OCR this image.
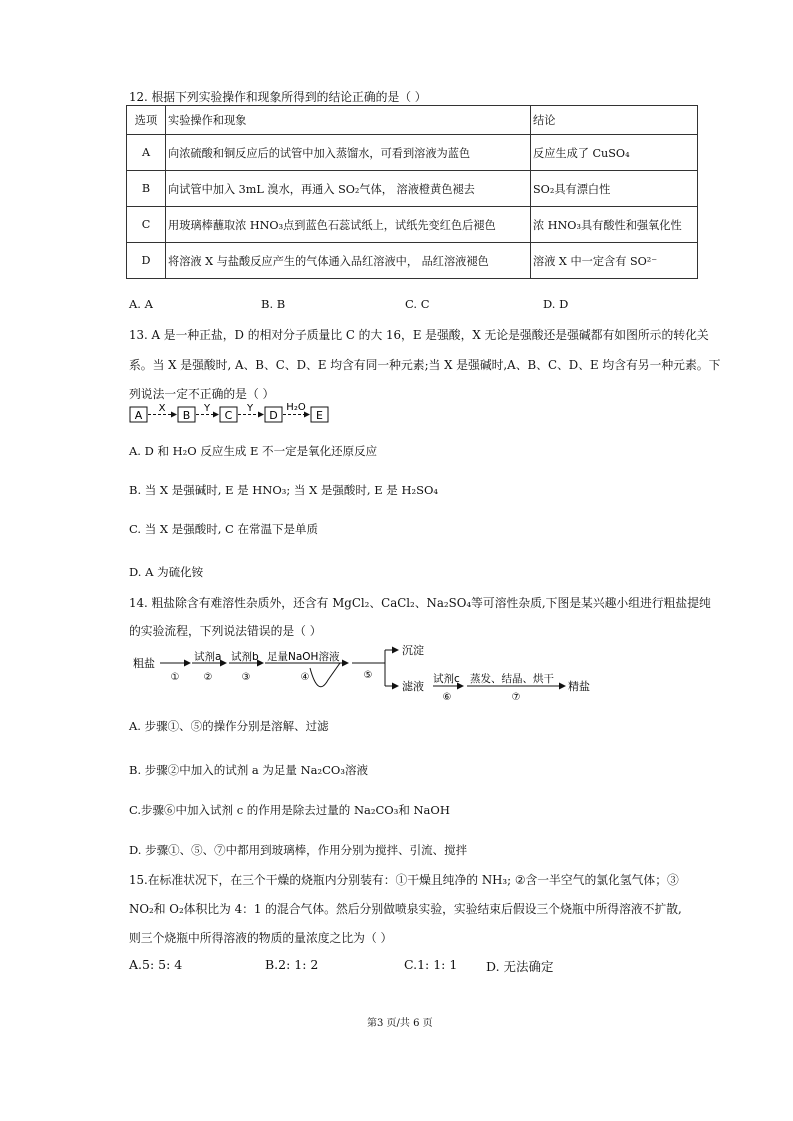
12. 根据下列实验操作和现象所得到的结论正确的是（ ）
选项	实验操作和现象	结论
A	向浓硫酸和铜反应后的试管中加入蒸馏水，可看到溶液为蓝色	反应生成了 CuSO₄
B	向试管中加入 3mL 溴水，再通入 SO₂气体， 溶液橙黄色褪去	SO₂具有漂白性
C	用玻璃棒蘸取浓 HNO₃点到蓝色石蕊试纸上，试纸先变红色后褪色	浓 HNO₃具有酸性和强氧化性
D	将溶液 X 与盐酸反应产生的气体通入品红溶液中， 品红溶液褪色	溶液 X 中一定含有 SO²⁻
A. A	B. B	C. C	D. D
13. A 是一种正盐，D 的相对分子质量比 C 的大 16，E 是强酸，X 无论是强酸还是强碱都有如图所示的转化关
系。当 X 是强酸时, A、B、C、D、E 均含有同一种元素;当 X 是强碱时,A、B、C、D、E 均含有另一种元素。下
列说法一定不正确的是（ ）
A
X
B
Y
C
Y
D
H₂O
E
A. D 和 H₂O 反应生成 E 不一定是氧化还原反应
B. 当 X 是强碱时, E 是 HNO₃; 当 X 是强酸时, E 是 H₂SO₄
C. 当 X 是强酸时, C 在常温下是单质
D. A 为硫化铵
14. 粗盐除含有难溶性杂质外，还含有 MgCl₂、CaCl₂、Na₂SO₄等可溶性杂质,下图是某兴趣小组进行粗盐提纯
的实验流程，下列说法错误的是（ ）
粗盐
①
试剂a
②
试剂b
③
足量NaOH溶液
④	⑤
沉淀
滤液
试剂c
⑥
蒸发、结晶、烘干
⑦
精盐
A. 步骤①、⑤的操作分别是溶解、过滤
B. 步骤②中加入的试剂 a 为足量 Na₂CO₃溶液
C.步骤⑥中加入试剂 c 的作用是除去过量的 Na₂CO₃和 NaOH
D. 步骤①、⑤、⑦中都用到玻璃棒，作用分别为搅拌、引流、搅拌
15.在标准状况下，在三个干燥的烧瓶内分别装有：①干燥且纯净的 NH₃; ②含一半空气的氯化氢气体；③
NO₂和 O₂体积比为 4：1 的混合气体。然后分别做喷泉实验，实验结束后假设三个烧瓶中所得溶液不扩散,
则三个烧瓶中所得溶液的物质的量浓度之比为（ ）
A.5: 5: 4	B.2: 1: 2	C.1: 1: 1 D. 无法确定
第3 页/共 6 页
